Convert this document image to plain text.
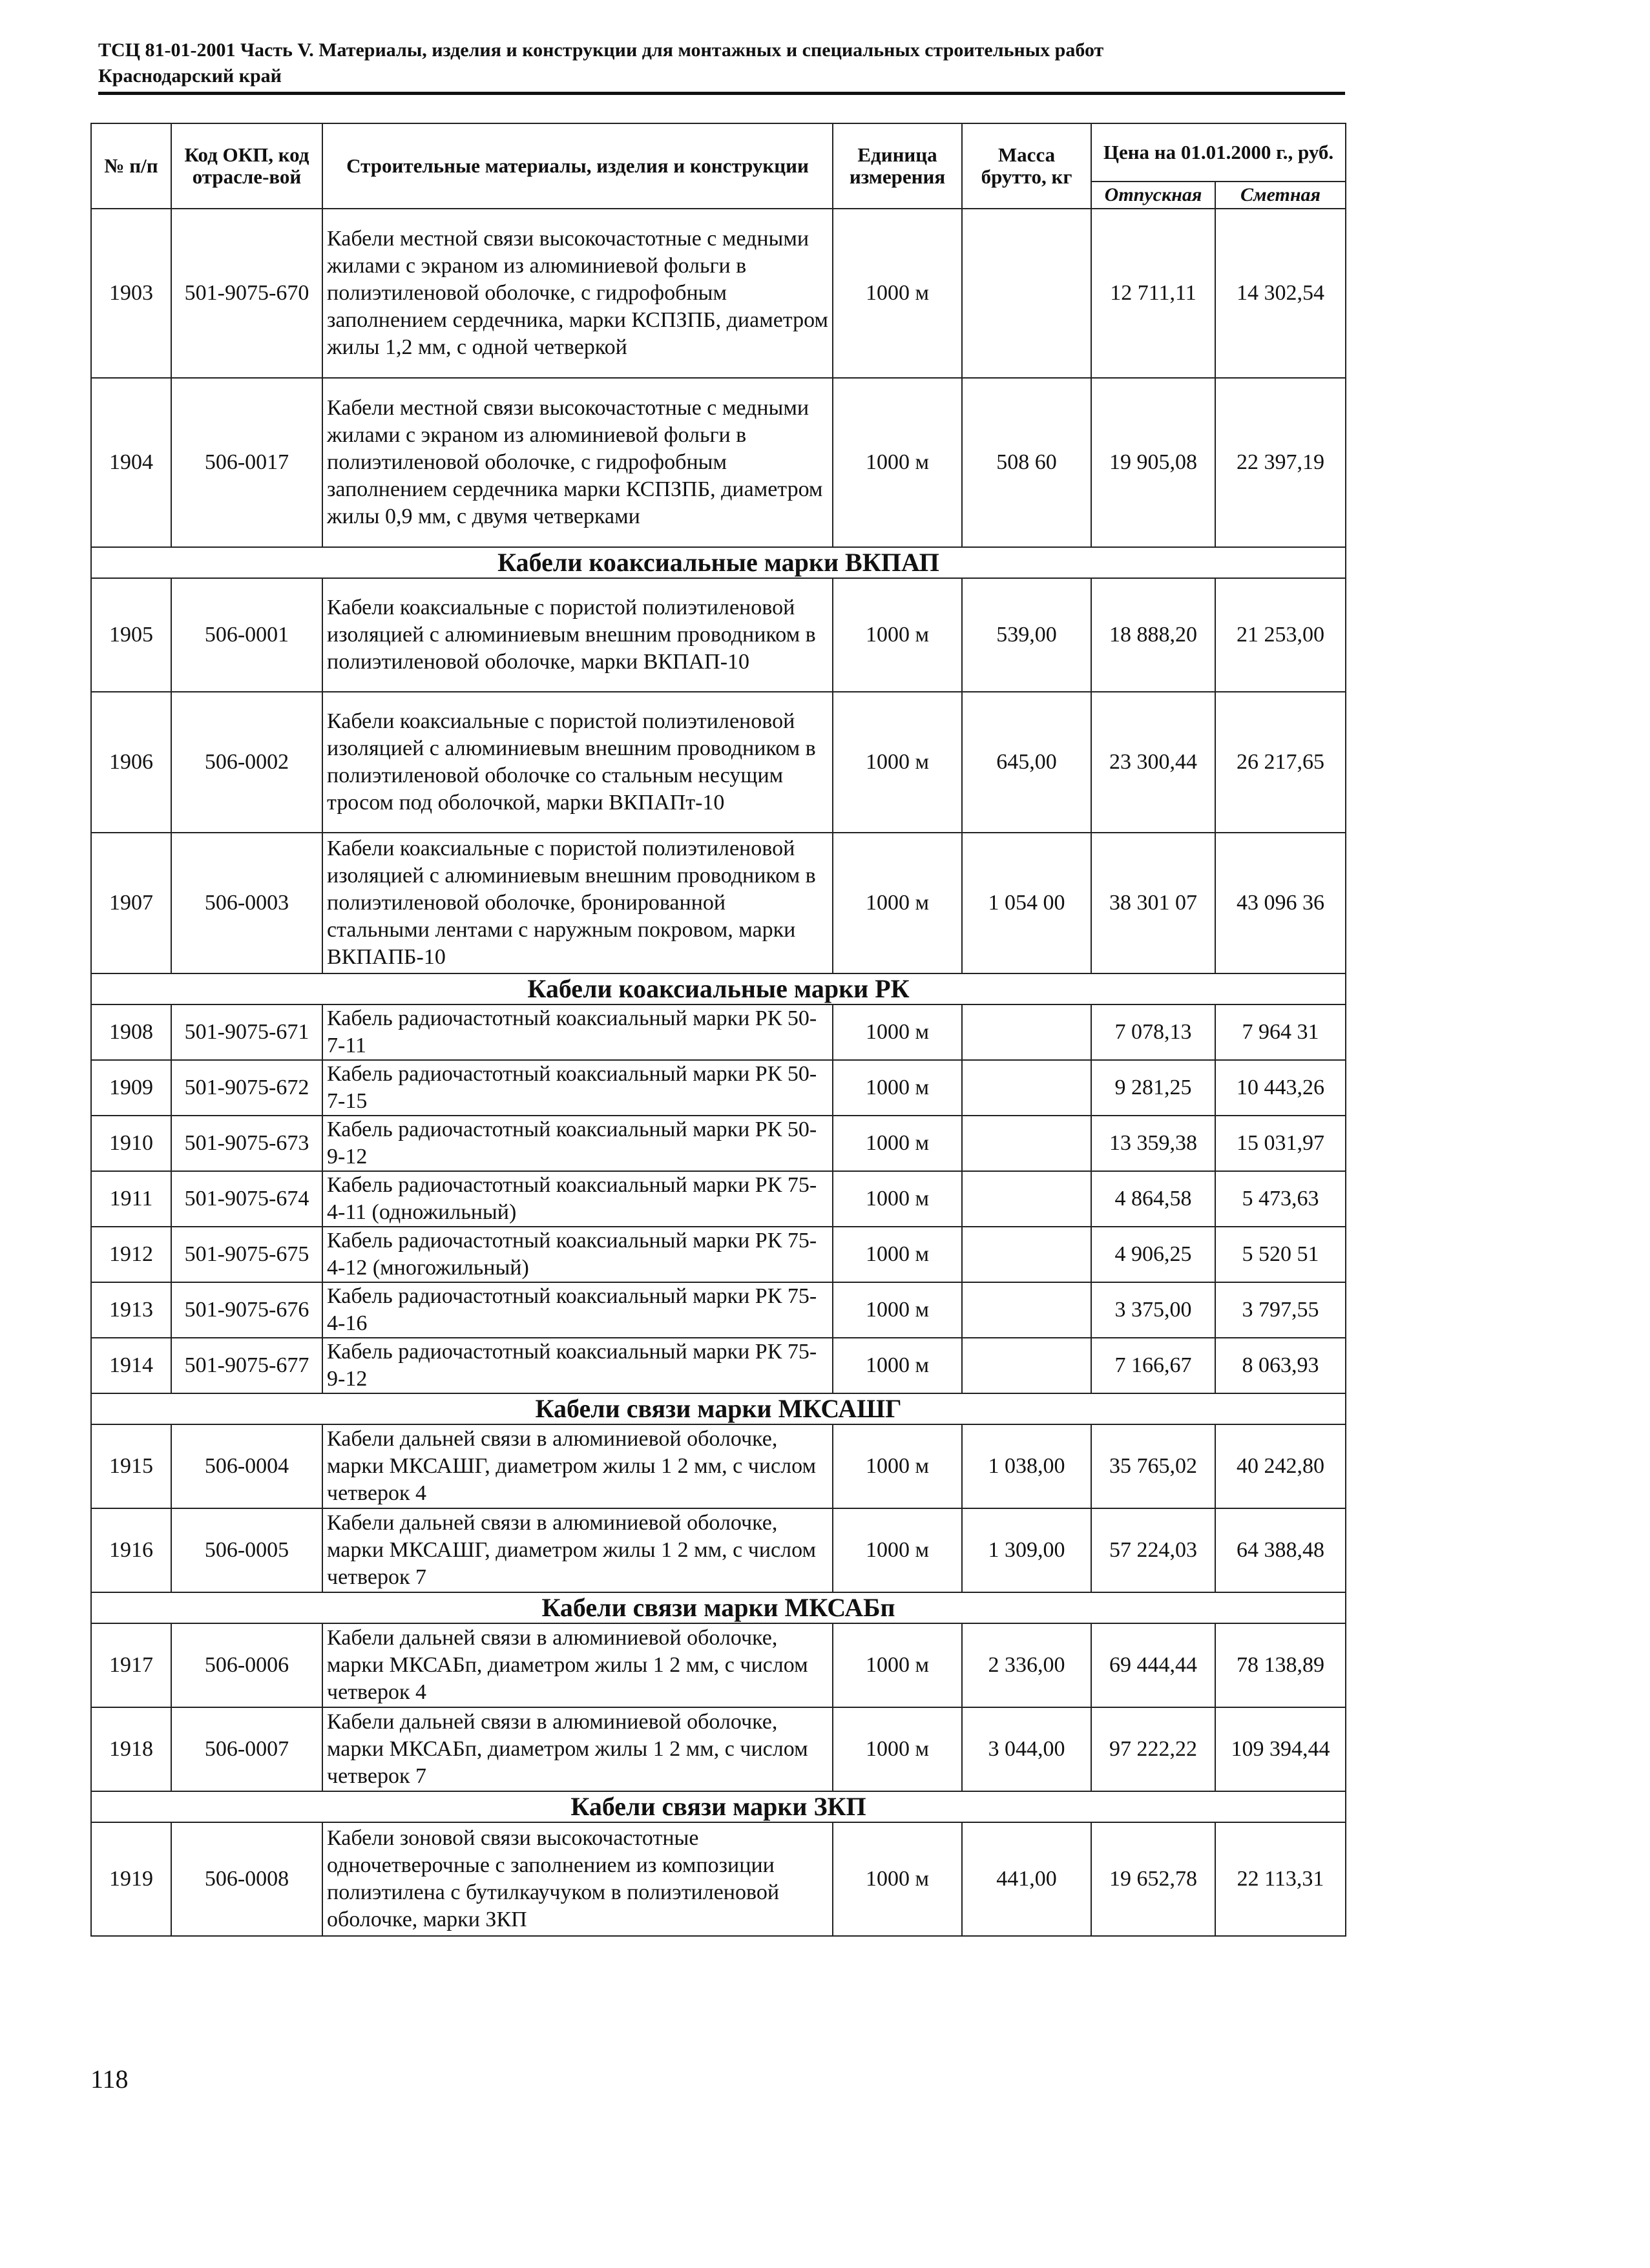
ТСЦ 81-01-2001 Часть V. Материалы, изделия и конструкции для монтажных и специальных строительных работ
Краснодарский край
№ п/п	Код ОКП, код отрасле-вой	Строительные материалы, изделия и конструкции	Единица измерения	Масса брутто, кг	Цена на 01.01.2000 г., руб.	
					Отпускная	Сметная
1903	501-9075-670	Кабели местной связи высокочастотные с медными жилами с экраном из алюминиевой фольги в полиэтиленовой оболочке, с гидрофобным заполнением сердечника, марки КСПЗПБ, диаметром жилы 1,2 мм, с одной четверкой	1000 м		12 711,11	14 302,54
1904	506-0017	Кабели местной связи высокочастотные с медными жилами с экраном из алюминиевой фольги в полиэтиленовой оболочке, с гидрофобным заполнением сердечника марки КСПЗПБ, диаметром жилы 0,9 мм, с двумя четверками	1000 м	508 60	19 905,08	22 397,19
Кабели коаксиальные марки ВКПАП						
1905	506-0001	Кабели коаксиальные с пористой полиэтиленовой изоляцией с алюминиевым внешним проводником в полиэтиленовой оболочке, марки ВКПАП-10	1000 м	539,00	18 888,20	21 253,00
1906	506-0002	Кабели коаксиальные с пористой полиэтиленовой изоляцией с алюминиевым внешним проводником в полиэтиленовой оболочке со стальным несущим тросом под оболочкой, марки ВКПАПт-10	1000 м	645,00	23 300,44	26 217,65
1907	506-0003	Кабели коаксиальные с пористой полиэтиленовой изоляцией с алюминиевым внешним проводником в полиэтиленовой оболочке, бронированной стальными лентами с наружным покровом, марки ВКПАПБ-10	1000 м	1 054 00	38 301 07	43 096 36
Кабели коаксиальные марки РК						
1908	501-9075-671	Кабель радиочастотный коаксиальный марки РК 50-7-11	1000 м		7 078,13	7 964 31
1909	501-9075-672	Кабель радиочастотный коаксиальный марки РК 50-7-15	1000 м		9 281,25	10 443,26
1910	501-9075-673	Кабель радиочастотный коаксиальный марки РК 50-9-12	1000 м		13 359,38	15 031,97
1911	501-9075-674	Кабель радиочастотный коаксиальный марки РК 75-4-11 (одножильный)	1000 м		4 864,58	5 473,63
1912	501-9075-675	Кабель радиочастотный коаксиальный марки РК 75-4-12 (многожильный)	1000 м		4 906,25	5 520 51
1913	501-9075-676	Кабель радиочастотный коаксиальный марки РК 75-4-16	1000 м		3 375,00	3 797,55
1914	501-9075-677	Кабель радиочастотный коаксиальный марки РК 75-9-12	1000 м		7 166,67	8 063,93
Кабели связи марки МКСАШГ						
1915	506-0004	Кабели дальней связи в алюминиевой оболочке, марки МКСАШГ, диаметром жилы 1 2 мм, с числом четверок 4	1000 м	1 038,00	35 765,02	40 242,80
1916	506-0005	Кабели дальней связи в алюминиевой оболочке, марки МКСАШГ, диаметром жилы 1 2 мм, с числом четверок 7	1000 м	1 309,00	57 224,03	64 388,48
Кабели связи марки МКСАБп						
1917	506-0006	Кабели дальней связи в алюминиевой оболочке, марки МКСАБп, диаметром жилы 1 2 мм, с числом четверок 4	1000 м	2 336,00	69 444,44	78 138,89
1918	506-0007	Кабели дальней связи в алюминиевой оболочке, марки МКСАБп, диаметром жилы 1 2 мм, с числом четверок 7	1000 м	3 044,00	97 222,22	109 394,44
Кабели связи марки ЗКП						
1919	506-0008	Кабели зоновой связи высокочастотные одночетверочные с заполнением из композиции полиэтилена с бутилкаучуком в полиэтиленовой оболочке, марки ЗКП	1000 м	441,00	19 652,78	22 113,31
118
